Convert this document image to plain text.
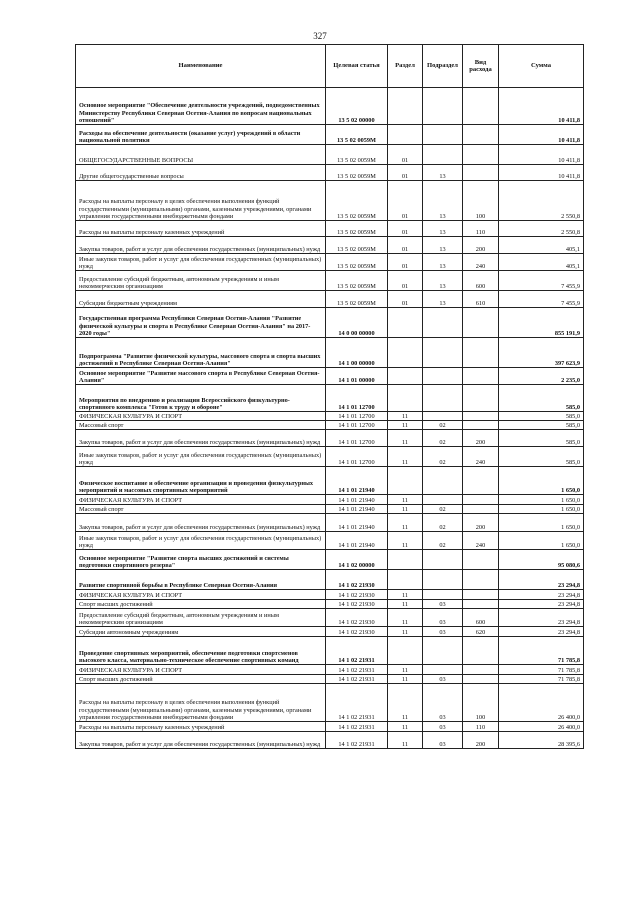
327
Наименование	Целевая статья	Раздел	Подраздел	Вид расхода	Сумма
Основное мероприятие "Обеспечение деятельности учреждений, подведомственных Министерству Республики Северная Осетия-Алания по вопросам национальных отношений"	13 5 02 00000				10 411,8
Расходы на обеспечение деятельности (оказание услуг) учреждений в области национальной политики	13 5 02 0059М				10 411,8
ОБЩЕГОСУДАРСТВЕННЫЕ ВОПРОСЫ	13 5 02 0059М	01			10 411,8
Другие общегосударственные вопросы	13 5 02 0059М	01	13		10 411,8
Расходы на выплаты персоналу в целях обеспечения выполнения функций государственными (муниципальными) органами, казенными учреждениями, органами управления государственными внебюджетными фондами	13 5 02 0059М	01	13	100	2 550,8
Расходы на выплаты персоналу казенных учреждений	13 5 02 0059М	01	13	110	2 550,8
Закупка товаров, работ и услуг для обеспечения государственных (муниципальных) нужд	13 5 02 0059М	01	13	200	405,1
Иные закупки товаров, работ и услуг для обеспечения государственных (муниципальных) нужд	13 5 02 0059М	01	13	240	405,1
Предоставление субсидий бюджетным, автономным учреждениям и иным некоммерческим организациям	13 5 02 0059М	01	13	600	7 455,9
Субсидии бюджетным учреждениям	13 5 02 0059М	01	13	610	7 455,9
Государственная программа Республики Северная Осетия-Алания "Развитие физической культуры и спорта в Республике Северная Осетия-Алания" на 2017-2020 годы"	14 0 00 00000				855 191,9
Подпрограмма "Развитие физической культуры, массового спорта и спорта высших достижений в Республике Северная Осетия-Алания"	14 1 00 00000				397 623,9
Основное мероприятие "Развитие массового спорта в Республике Северная Осетия-Алания"	14 1 01 00000				2 235,0
Мероприятия по внедрению и реализации Всероссийского физкультурно-спортивного комплекса "Готов к труду и обороне"	14 1 01 12700				585,0
ФИЗИЧЕСКАЯ КУЛЬТУРА И СПОРТ	14 1 01 12700	11			585,0
Массовый спорт	14 1 01 12700	11	02		585,0
Закупка товаров, работ и услуг для обеспечения государственных (муниципальных) нужд	14 1 01 12700	11	02	200	585,0
Иные закупки товаров, работ и услуг для обеспечения государственных (муниципальных) нужд	14 1 01 12700	11	02	240	585,0
Физическое воспитание и обеспечение организации и проведения физкультурных мероприятий и массовых спортивных мероприятий	14 1 01 21940				1 650,0
ФИЗИЧЕСКАЯ КУЛЬТУРА И СПОРТ	14 1 01 21940	11			1 650,0
Массовый спорт	14 1 01 21940	11	02		1 650,0
Закупка товаров, работ и услуг для обеспечения государственных (муниципальных) нужд	14 1 01 21940	11	02	200	1 650,0
Иные закупки товаров, работ и услуг для обеспечения государственных (муниципальных) нужд	14 1 01 21940	11	02	240	1 650,0
Основное мероприятие "Развитие спорта высших достижений и системы подготовки спортивного резерва"	14 1 02 00000				95 080,6
Развитие спортивной борьбы в Республике Северная Осетия-Алания	14 1 02 21930				23 294,8
ФИЗИЧЕСКАЯ КУЛЬТУРА И СПОРТ	14 1 02 21930	11			23 294,8
Спорт высших достижений	14 1 02 21930	11	03		23 294,8
Предоставление субсидий бюджетным, автономным учреждениям и иным некоммерческим организациям	14 1 02 21930	11	03	600	23 294,8
Субсидии автономным учреждениям	14 1 02 21930	11	03	620	23 294,8
Проведение спортивных мероприятий, обеспечение подготовки спортсменов высокого класса, материально-техническое обеспечение спортивных команд	14 1 02 21931				71 785,8
ФИЗИЧЕСКАЯ КУЛЬТУРА И СПОРТ	14 1 02 21931	11			71 785,8
Спорт высших достижений	14 1 02 21931	11	03		71 785,8
Расходы на выплаты персоналу в целях обеспечения выполнения функций государственными (муниципальными) органами, казенными учреждениями, органами управления государственными внебюджетными фондами	14 1 02 21931	11	03	100	26 400,0
Расходы на выплаты персоналу казенных учреждений	14 1 02 21931	11	03	110	26 400,0
Закупка товаров, работ и услуг для обеспечения государственных (муниципальных) нужд	14 1 02 21931	11	03	200	28 395,6
